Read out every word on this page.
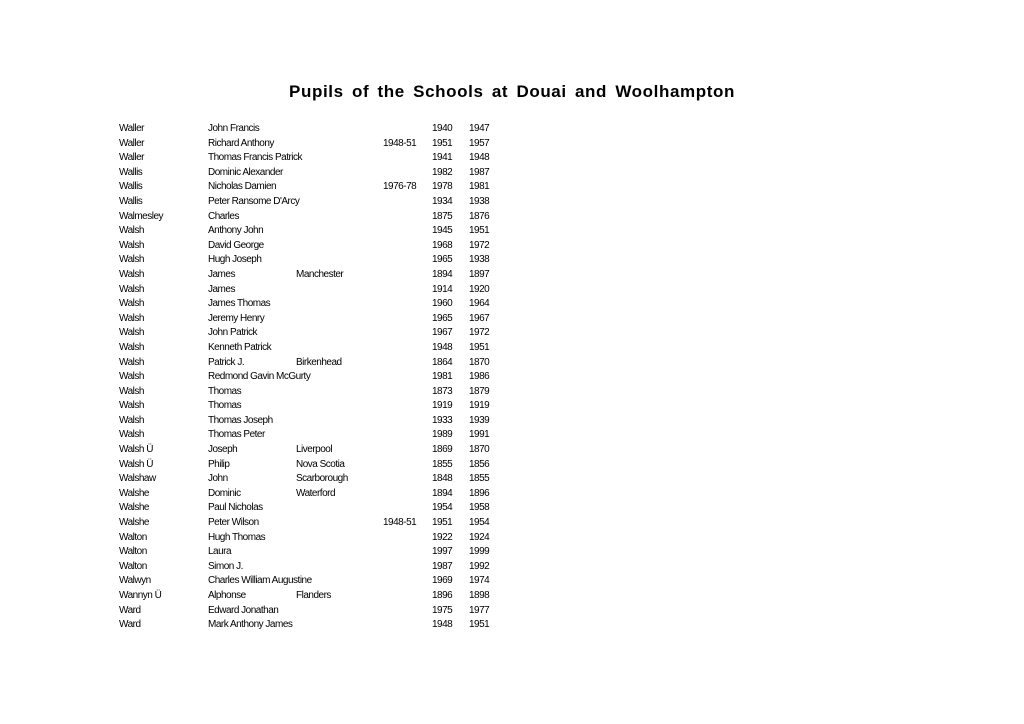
Pupils of the Schools at Douai and Woolhampton
Waller	John Francis	1940 1947
Waller	Richard Anthony	1948-51 1951 1957
Waller	Thomas Francis Patrick	1941 1948
Wallis	Dominic Alexander	1982 1987
Wallis	Nicholas Damien	1976-78 1978 1981
Wallis	Peter Ransome D'Arcy	1934 1938
Walmesley	Charles	1875 1876
Walsh	Anthony John	1945 1951
Walsh	David George	1968 1972
Walsh	Hugh Joseph	1965 1938
Walsh	James	Manchester	1894 1897
Walsh	James	1914 1920
Walsh	James Thomas	1960 1964
Walsh	Jeremy Henry	1965 1967
Walsh	John Patrick	1967 1972
Walsh	Kenneth Patrick	1948 1951
Walsh	Patrick J.	Birkenhead	1864 1870
Walsh	Redmond Gavin McGurty	1981 1986
Walsh	Thomas	1873 1879
Walsh	Thomas	1919 1919
Walsh	Thomas Joseph	1933 1939
Walsh	Thomas Peter	1989 1991
Walsh Ü	Joseph	Liverpool	1869 1870
Walsh Ü	Philip	Nova Scotia	1855 1856
Walshaw	John	Scarborough	1848 1855
Walshe	Dominic	Waterford	1894 1896
Walshe	Paul Nicholas	1954 1958
Walshe	Peter Wilson	1948-51 1951 1954
Walton	Hugh Thomas	1922 1924
Walton	Laura	1997 1999
Walton	Simon J.	1987 1992
Walwyn	Charles William Augustine	1969 1974
Wannyn Ü	Alphonse	Flanders	1896 1898
Ward	Edward Jonathan	1975 1977
Ward	Mark Anthony James	1948 1951
